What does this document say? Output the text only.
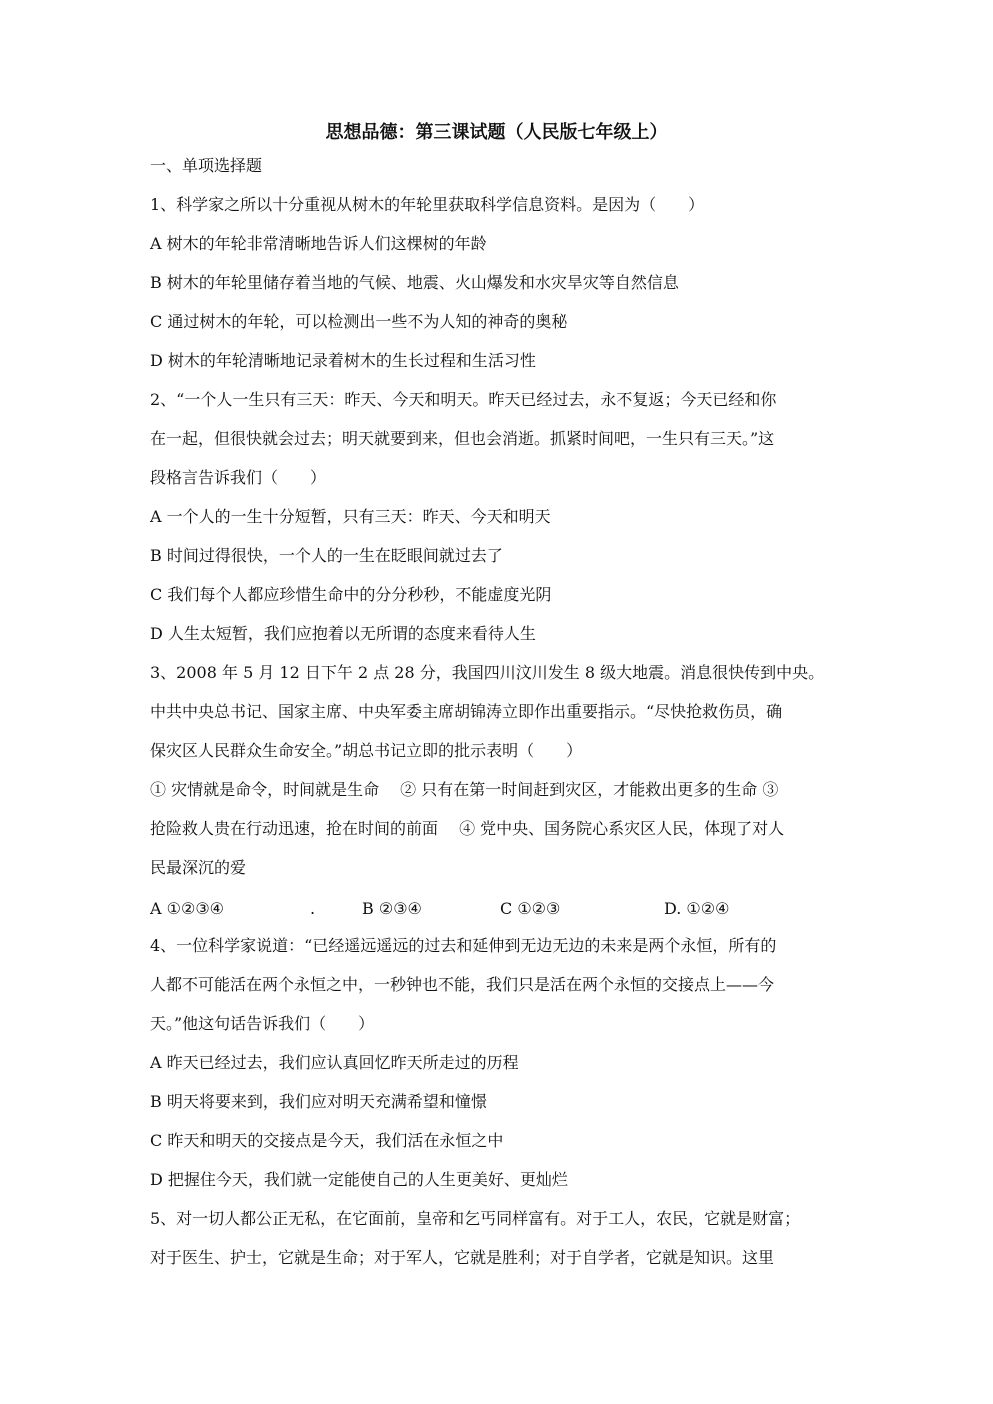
思想品德：第三课试题（人民版七年级上）
一、单项选择题
1、科学家之所以十分重视从树木的年轮里获取科学信息资料。是因为（　　）
A 树木的年轮非常清晰地告诉人们这棵树的年龄
B 树木的年轮里储存着当地的气候、地震、火山爆发和水灾旱灾等自然信息
C 通过树木的年轮，可以检测出一些不为人知的神奇的奥秘
D 树木的年轮清晰地记录着树木的生长过程和生活习性
2、“一个人一生只有三天：昨天、今天和明天。昨天已经过去，永不复返；今天已经和你
在一起，但很快就会过去；明天就要到来，但也会消逝。抓紧时间吧，一生只有三天。”这
段格言告诉我们（　　）
A 一个人的一生十分短暂，只有三天：昨天、今天和明天
B 时间过得很快，一个人的一生在眨眼间就过去了
C 我们每个人都应珍惜生命中的分分秒秒，不能虚度光阴
D 人生太短暂，我们应抱着以无所谓的态度来看待人生
3、2008 年 5 月 12 日下午 2 点 28 分，我国四川汶川发生 8 级大地震。消息很快传到中央。
中共中央总书记、国家主席、中央军委主席胡锦涛立即作出重要指示。“尽快抢救伤员，确
保灾区人民群众生命安全。”胡总书记立即的批示表明（　　）
① 灾情就是命令，时间就是生命　 ② 只有在第一时间赶到灾区，才能救出更多的生命 ③
抢险救人贵在行动迅速，抢在时间的前面　 ④ 党中央、国务院心系灾区人民，体现了对人
民最深沉的爱
A ①②③④	.	B ②③④	C ①②③	D. ①②④
4、一位科学家说道：“已经遥远遥远的过去和延伸到无边无边的未来是两个永恒，所有的
人都不可能活在两个永恒之中，一秒钟也不能，我们只是活在两个永恒的交接点上——今
天。”他这句话告诉我们（　　）
A 昨天已经过去，我们应认真回忆昨天所走过的历程
B 明天将要来到，我们应对明天充满希望和憧憬
C 昨天和明天的交接点是今天，我们活在永恒之中
D 把握住今天，我们就一定能使自己的人生更美好、更灿烂
5、对一切人都公正无私，在它面前，皇帝和乞丐同样富有。对于工人，农民，它就是财富；
对于医生、护士，它就是生命；对于军人，它就是胜利；对于自学者，它就是知识。这里
